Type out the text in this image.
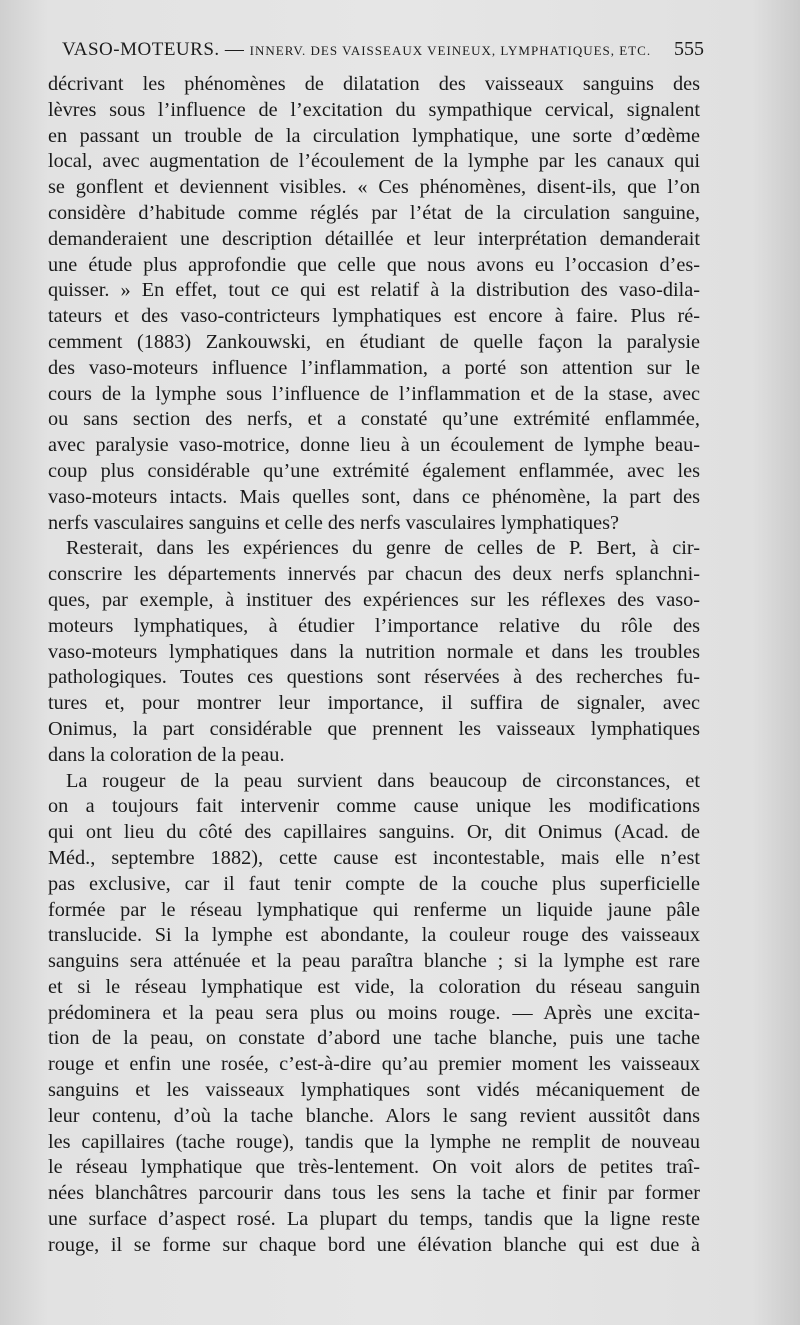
VASO-MOTEURS. — INNERV. DES VAISSEAUX VEINEUX, LYMPHATIQUES, ETC. 555
décrivant les phénomènes de dilatation des vaisseaux sanguins des
lèvres sous l’influence de l’excitation du sympathique cervical, signalent
en passant un trouble de la circulation lymphatique, une sorte d’œdème
local, avec augmentation de l’écoulement de la lymphe par les canaux qui
se gonflent et deviennent visibles. « Ces phénomènes, disent-ils, que l’on
considère d’habitude comme réglés par l’état de la circulation sanguine,
demanderaient une description détaillée et leur interprétation demanderait
une étude plus approfondie que celle que nous avons eu l’occasion d’es-
quisser. » En effet, tout ce qui est relatif à la distribution des vaso-dila-
tateurs et des vaso-contricteurs lymphatiques est encore à faire. Plus ré-
cemment (1883) Zankouwski, en étudiant de quelle façon la paralysie
des vaso-moteurs influence l’inflammation, a porté son attention sur le
cours de la lymphe sous l’influence de l’inflammation et de la stase, avec
ou sans section des nerfs, et a constaté qu’une extrémité enflammée,
avec paralysie vaso-motrice, donne lieu à un écoulement de lymphe beau-
coup plus considérable qu’une extrémité également enflammée, avec les
vaso-moteurs intacts. Mais quelles sont, dans ce phénomène, la part des
nerfs vasculaires sanguins et celle des nerfs vasculaires lymphatiques?
Resterait, dans les expériences du genre de celles de P. Bert, à cir-
conscrire les départements innervés par chacun des deux nerfs splanchni-
ques, par exemple, à instituer des expériences sur les réflexes des vaso-
moteurs lymphatiques, à étudier l’importance relative du rôle des
vaso-moteurs lymphatiques dans la nutrition normale et dans les troubles
pathologiques. Toutes ces questions sont réservées à des recherches fu-
tures et, pour montrer leur importance, il suffira de signaler, avec
Onimus, la part considérable que prennent les vaisseaux lymphatiques
dans la coloration de la peau.
La rougeur de la peau survient dans beaucoup de circonstances, et
on a toujours fait intervenir comme cause unique les modifications
qui ont lieu du côté des capillaires sanguins. Or, dit Onimus (Acad. de
Méd., septembre 1882), cette cause est incontestable, mais elle n’est
pas exclusive, car il faut tenir compte de la couche plus superficielle
formée par le réseau lymphatique qui renferme un liquide jaune pâle
translucide. Si la lymphe est abondante, la couleur rouge des vaisseaux
sanguins sera atténuée et la peau paraîtra blanche ; si la lymphe est rare
et si le réseau lymphatique est vide, la coloration du réseau sanguin
prédominera et la peau sera plus ou moins rouge. — Après une excita-
tion de la peau, on constate d’abord une tache blanche, puis une tache
rouge et enfin une rosée, c’est-à-dire qu’au premier moment les vaisseaux
sanguins et les vaisseaux lymphatiques sont vidés mécaniquement de
leur contenu, d’où la tache blanche. Alors le sang revient aussitôt dans
les capillaires (tache rouge), tandis que la lymphe ne remplit de nouveau
le réseau lymphatique que très-lentement. On voit alors de petites traî-
nées blanchâtres parcourir dans tous les sens la tache et finir par former
une surface d’aspect rosé. La plupart du temps, tandis que la ligne reste
rouge, il se forme sur chaque bord une élévation blanche qui est due à
